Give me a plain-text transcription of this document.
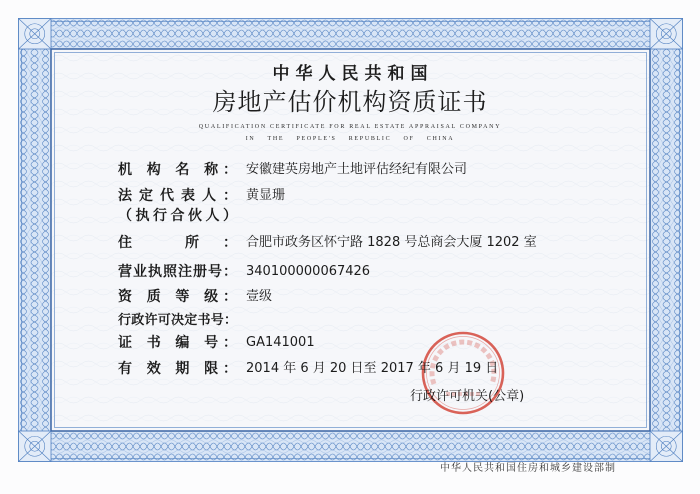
中华人民共和国
房地产估价机构资质证书
QUALIFICATION CERTIFICATE FOR REAL ESTATE APPRAISAL COMPANY
IN THE PEOPLE'S REPUBLIC OF CHINA
机 构 名 称： 安徽建英房地产土地评估经纪有限公司
法定代表人： 黄显珊
（执行合伙人）
住 所： 合肥市政务区怀宁路 1828 号总商会大厦 1202 室
营业执照注册号： 340100000067426
资 质 等 级： 壹级
行政许可决定书号：
证 书 编 号： GA141001
有 效 期 限： 2014 年 6 月 20 日至 2017 年 6 月 19 日
行政许可机关(公章)
中华人民共和国住房和城乡建设部制
